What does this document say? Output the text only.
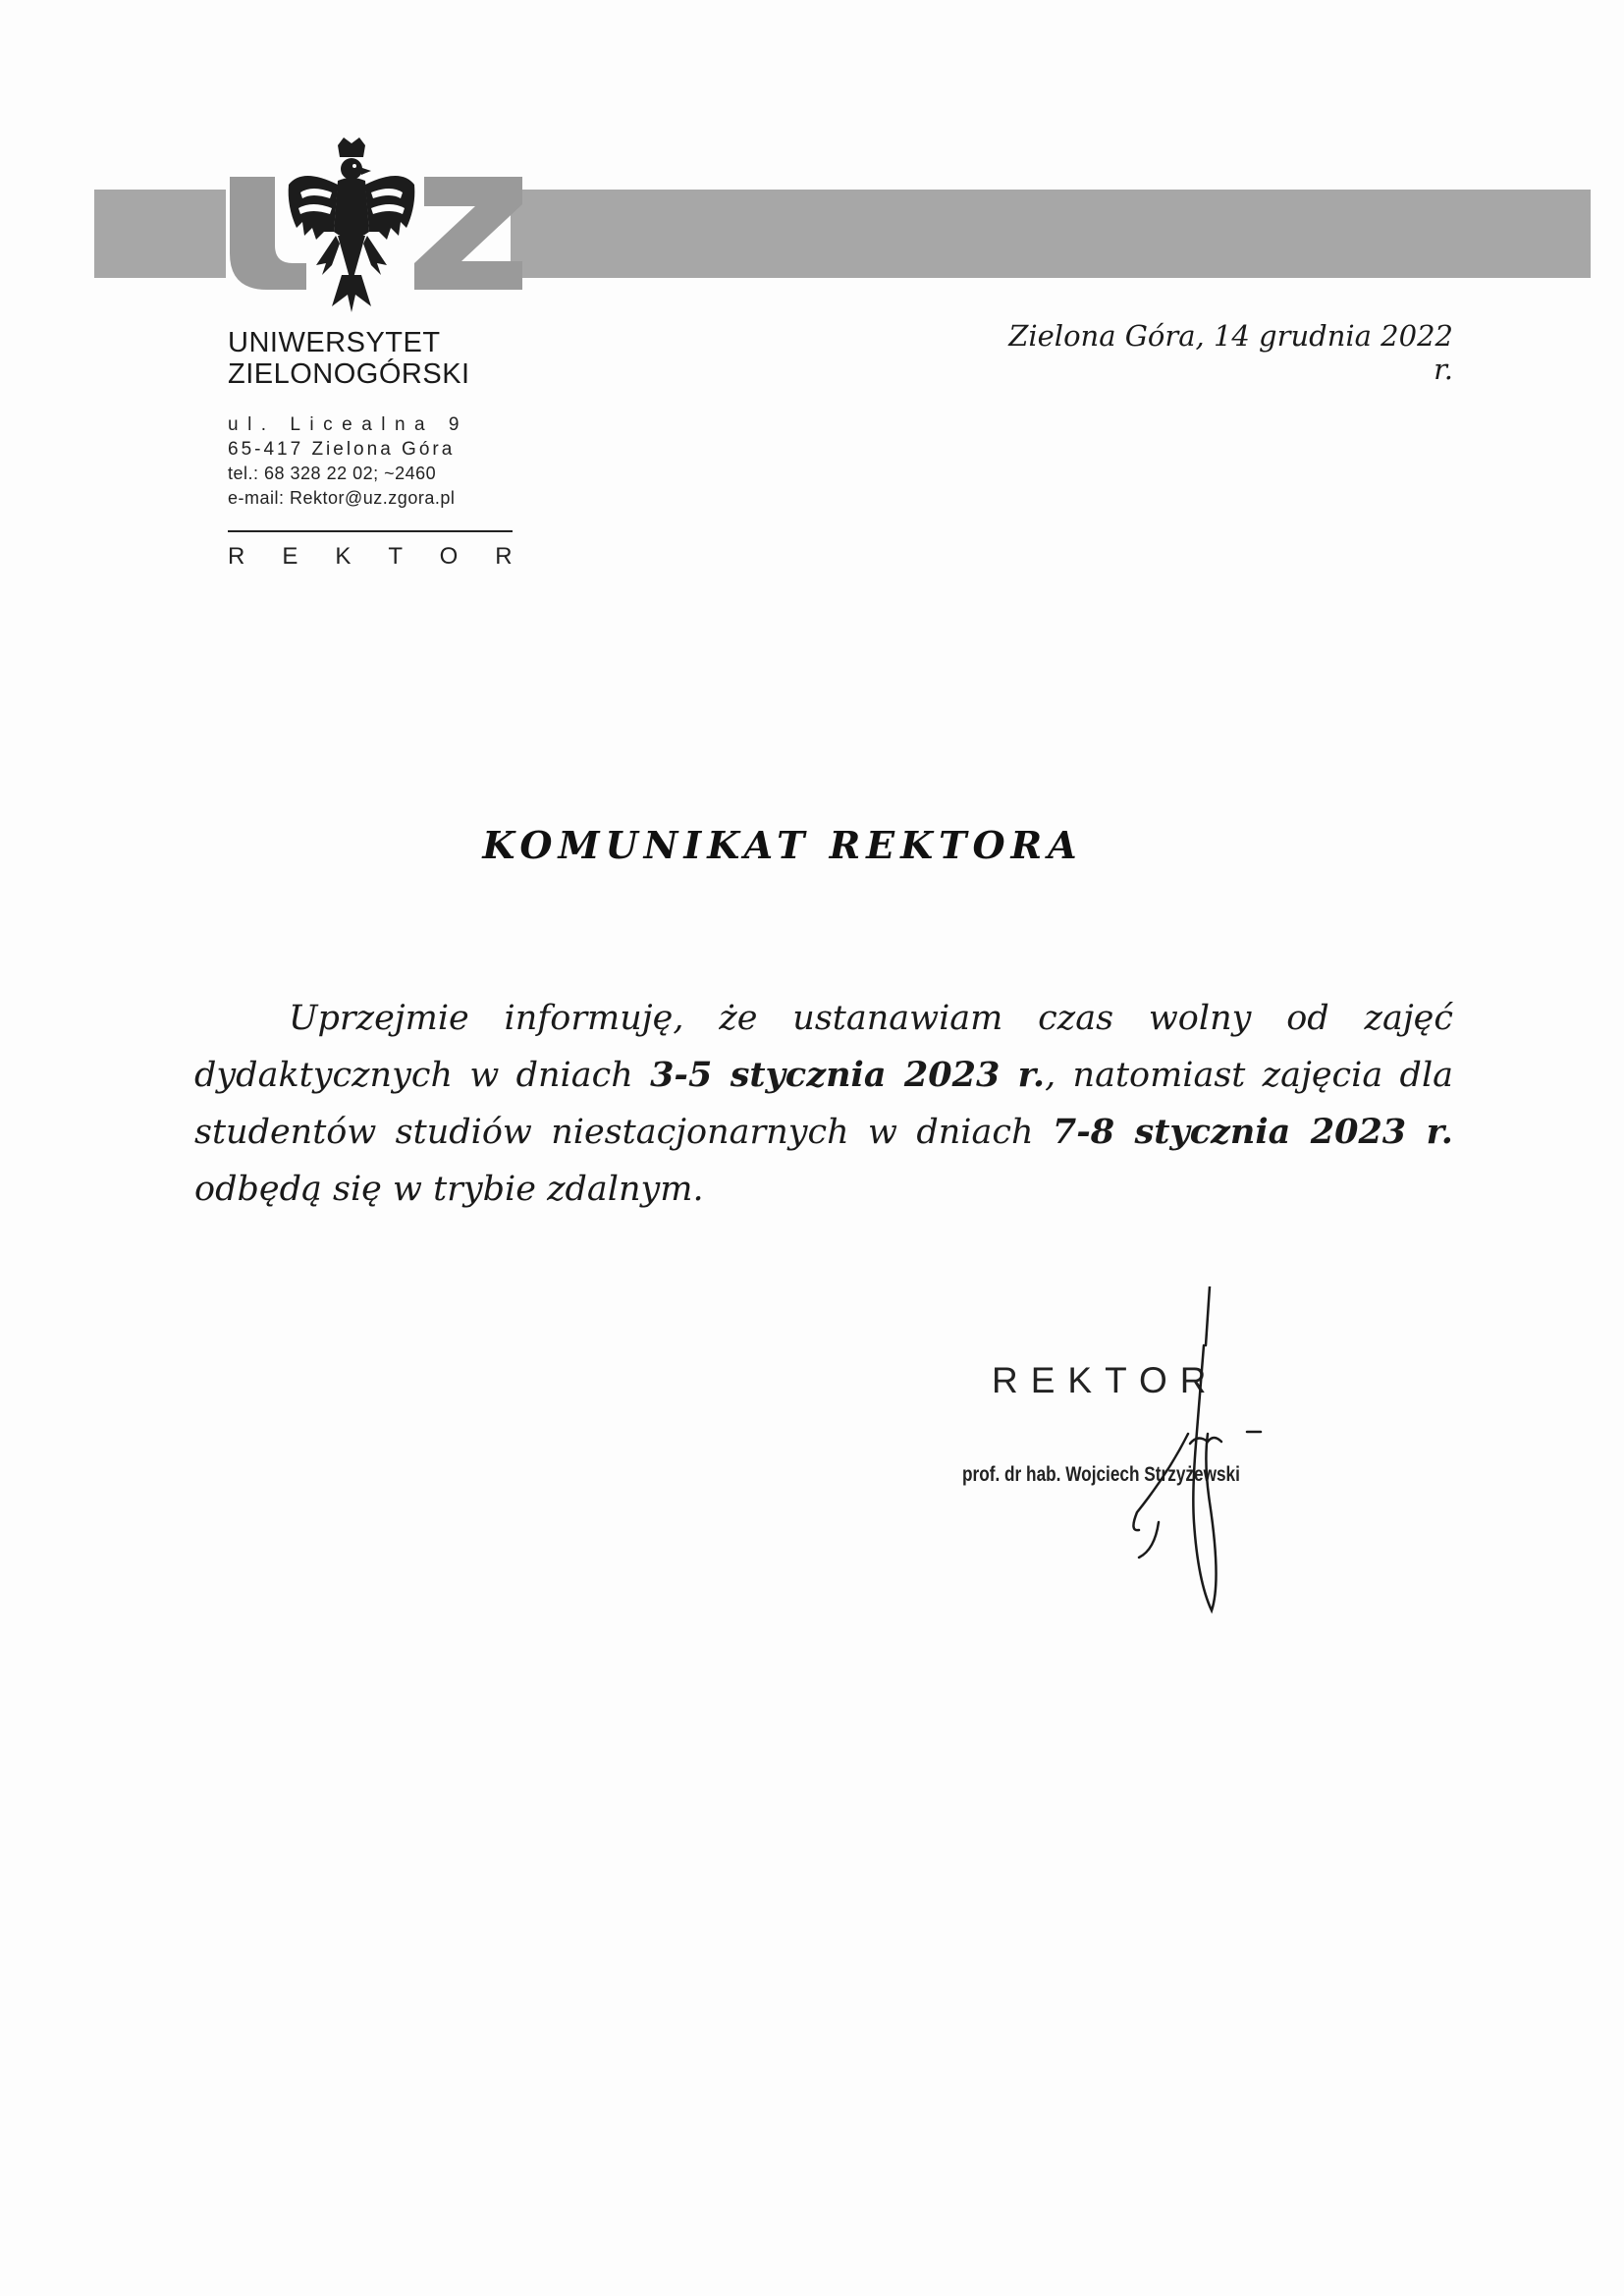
UNIWERSYTET
ZIELONOGÓRSKI
ul. Licealna 9
65-417 Zielona Góra
tel.: 68 328 22 02; ~2460
e-mail: Rektor@uz.zgora.pl
REKTOR
Zielona Góra, 14 grudnia 2022 r.
KOMUNIKAT REKTORA

Uprzejmie informuję, że ustanawiam czas wolny od zajęć dydaktycznych w dniach 3-5 stycznia 2023 r., natomiast zajęcia dla studentów studiów niestacjonarnych w dniach 7-8 stycznia 2023 r. odbędą się w trybie zdalnym.

REKTOR
prof. dr hab. Wojciech Strzyżewski
